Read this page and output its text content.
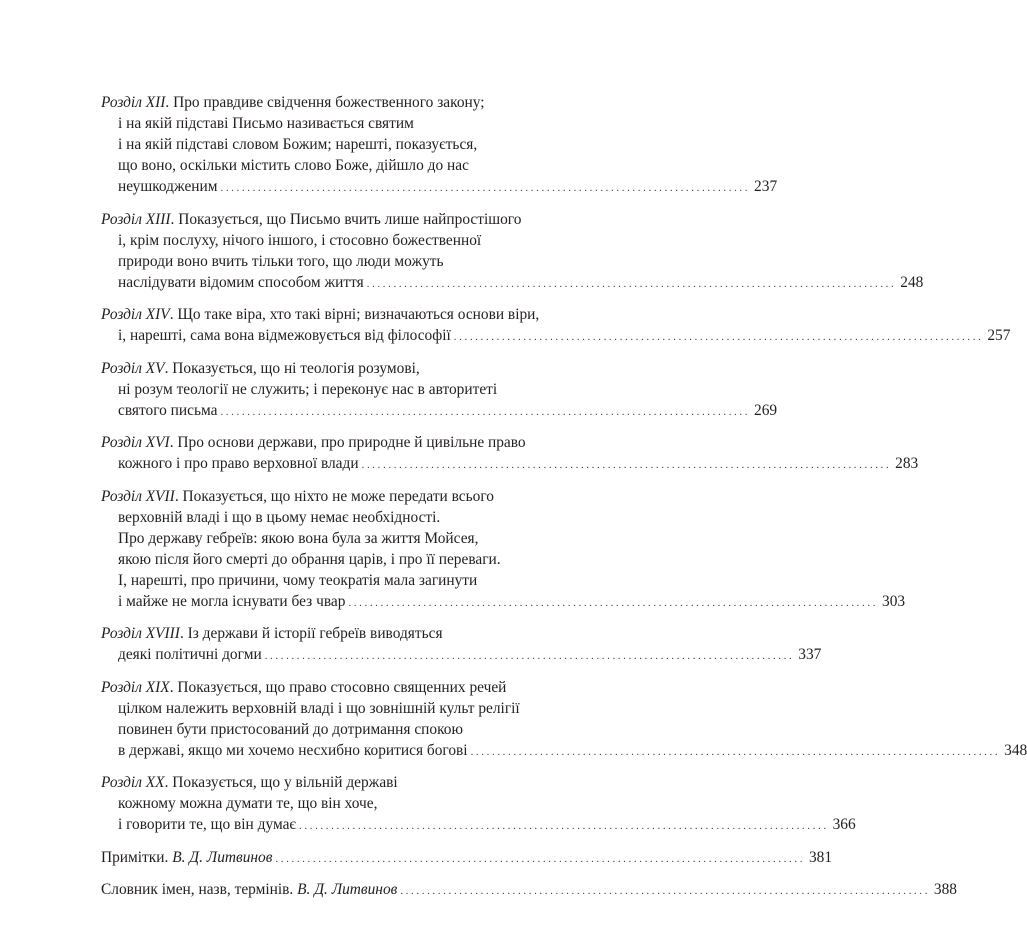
Розділ XII. Про правдиве свідчення божественного закону;
і на якій підставі Письмо називається святим
і на якій підставі словом Божим; нарешті, показується,
що воно, оскільки містить слово Боже, дійшло до нас
неушкодженим ................................................................................................... 237
Розділ XIII. Показується, що Письмо вчить лише найпростішого
і, крім послуху, нічого іншого, і стосовно божественної
природи воно вчить тільки того, що люди можуть
наслідувати відомим способом життя ................................................................................................... 248
Розділ XIV. Що таке віра, хто такі вірні; визначаються основи віри,
і, нарешті, сама вона відмежовується від філософії ................................................................................................... 257
Розділ XV. Показується, що ні теологія розумові,
ні розум теології не служить; і переконує нас в авторитеті
святого письма ................................................................................................... 269
Розділ XVI. Про основи держави, про природне й цивільне право
кожного і про право верховної влади ................................................................................................... 283
Розділ XVII. Показується, що ніхто не може передати всього
верховній владі і що в цьому немає необхідності.
Про державу гебреїв: якою вона була за життя Мойсея,
якою після його смерті до обрання царів, і про її переваги.
І, нарешті, про причини, чому теократія мала загинути
і майже не могла існувати без чвар ................................................................................................... 303
Розділ XVIII. Із держави й історії гебреїв виводяться
деякі політичні догми ................................................................................................... 337
Розділ XIX. Показується, що право стосовно священних речей
цілком належить верховній владі і що зовнішній культ релігії
повинен бути пристосований до дотримання спокою
в державі, якщо ми хочемо несхибно коритися богові ................................................................................................... 348
Розділ XX. Показується, що у вільній державі
кожному можна думати те, що він хоче,
і говорити те, що він думає ................................................................................................... 366
Примітки. В. Д. Литвинов ................................................................................................... 381
Словник імен, назв, термінів. В. Д. Литвинов ................................................................................................... 388
